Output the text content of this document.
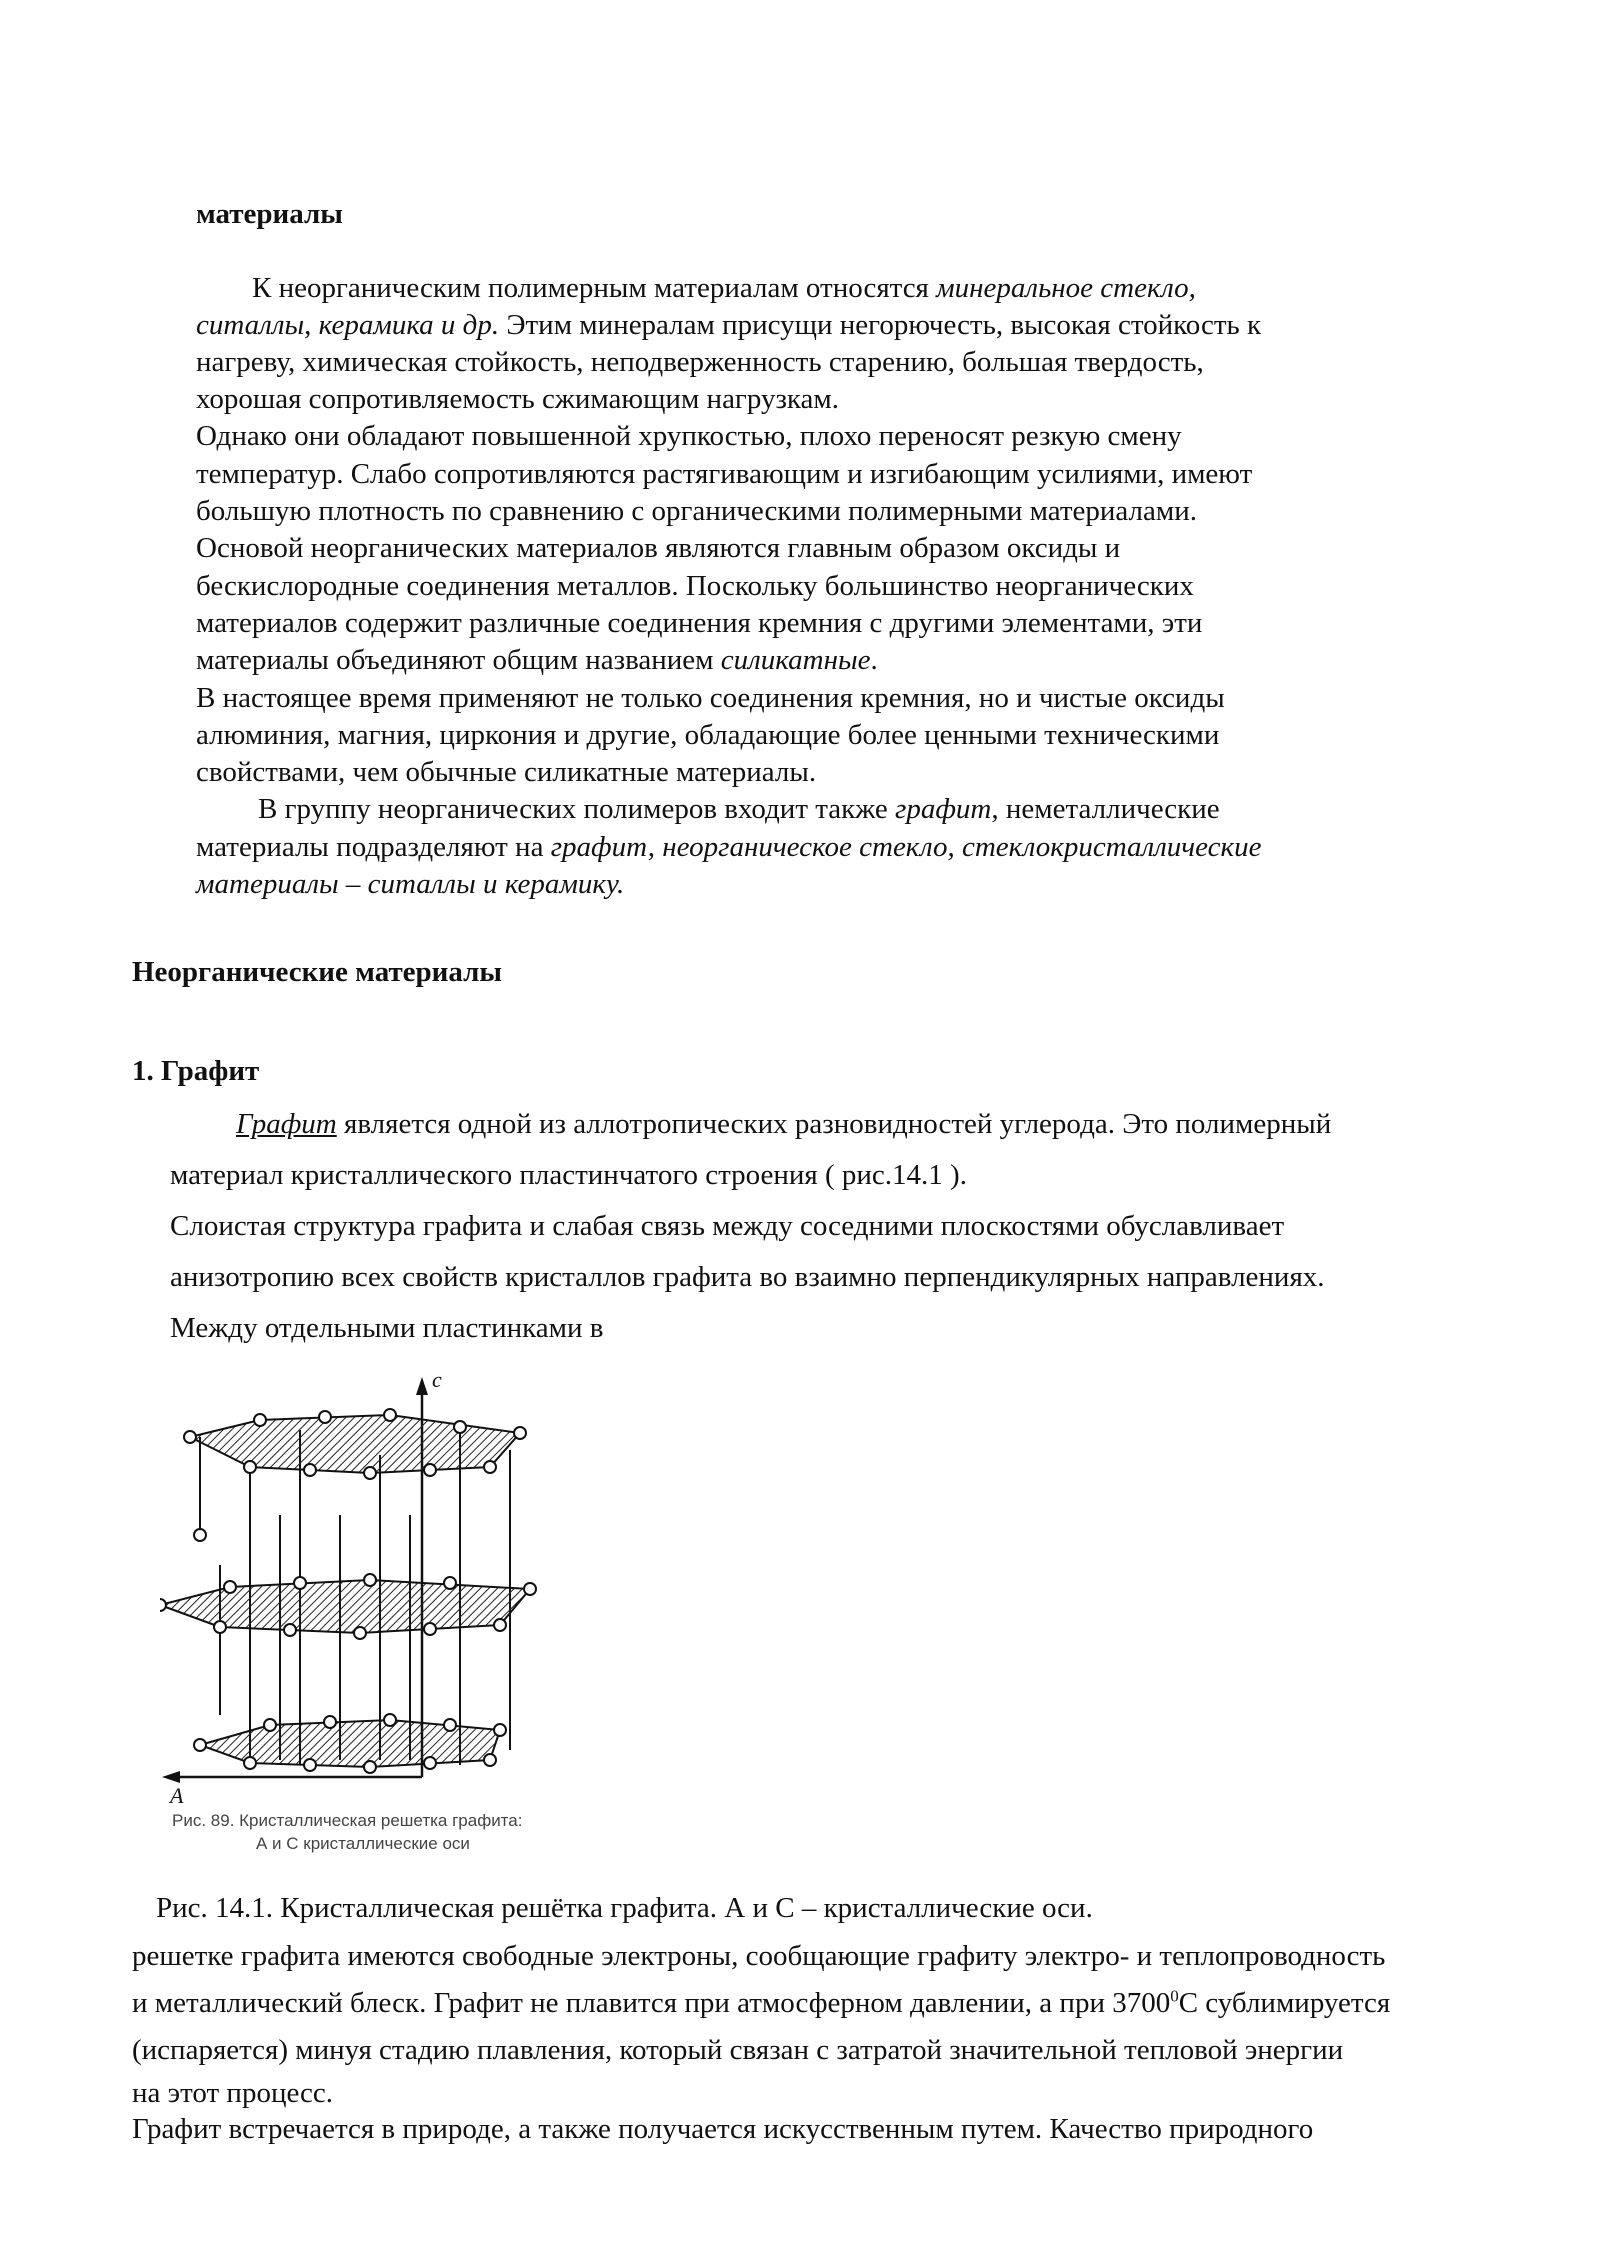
материалы
К неорганическим полимерным материалам относятся минеральное стекло,
ситаллы, керамика и др. Этим минералам присущи негорючесть, высокая стойкость к
нагреву, химическая стойкость, неподверженность старению, большая твердость,
хорошая сопротивляемость сжимающим нагрузкам.
Однако они обладают повышенной хрупкостью, плохо переносят резкую смену
температур. Слабо сопротивляются растягивающим и изгибающим усилиями, имеют
большую плотность по сравнению с органическими полимерными материалами.
Основой неорганических материалов являются главным образом оксиды и
бескислородные соединения металлов. Поскольку большинство неорганических
материалов содержит различные соединения кремния с другими элементами, эти
материалы объединяют общим названием силикатные.
В настоящее время применяют не только соединения кремния, но и чистые оксиды
алюминия, магния, циркония и другие, обладающие более ценными техническими
свойствами, чем обычные силикатные материалы.
В группу неорганических полимеров входит также графит, неметаллические
материалы подразделяют на графит, неорганическое стекло, стеклокристаллические
материалы – ситаллы и керамику.
Неорганические материалы
1. Графит
Графит является одной из аллотропических разновидностей углерода. Это полимерный
материал кристаллического пластинчатого строения ( рис.14.1 ).
Слоистая структура графита и слабая связь между соседними плоскостями обуславливает
анизотропию всех свойств кристаллов графита во взаимно перпендикулярных направлениях.
Между отдельными пластинками в
с
А
Рис. 89. Кристаллическая решетка графита:
А и С кристаллические оси
Рис. 14.1. Кристаллическая решётка графита. А и С – кристаллические оси.
решетке графита имеются свободные электроны, сообщающие графиту электро- и теплопроводность
и металлический блеск. Графит не плавится при атмосферном давлении, а при 3700$^0$С сублимируется
(испаряется) минуя стадию плавления, который связан с затратой значительной тепловой энергии
на этот процесс.
Графит встречается в природе, а также получается искусственным путем. Качество природного
